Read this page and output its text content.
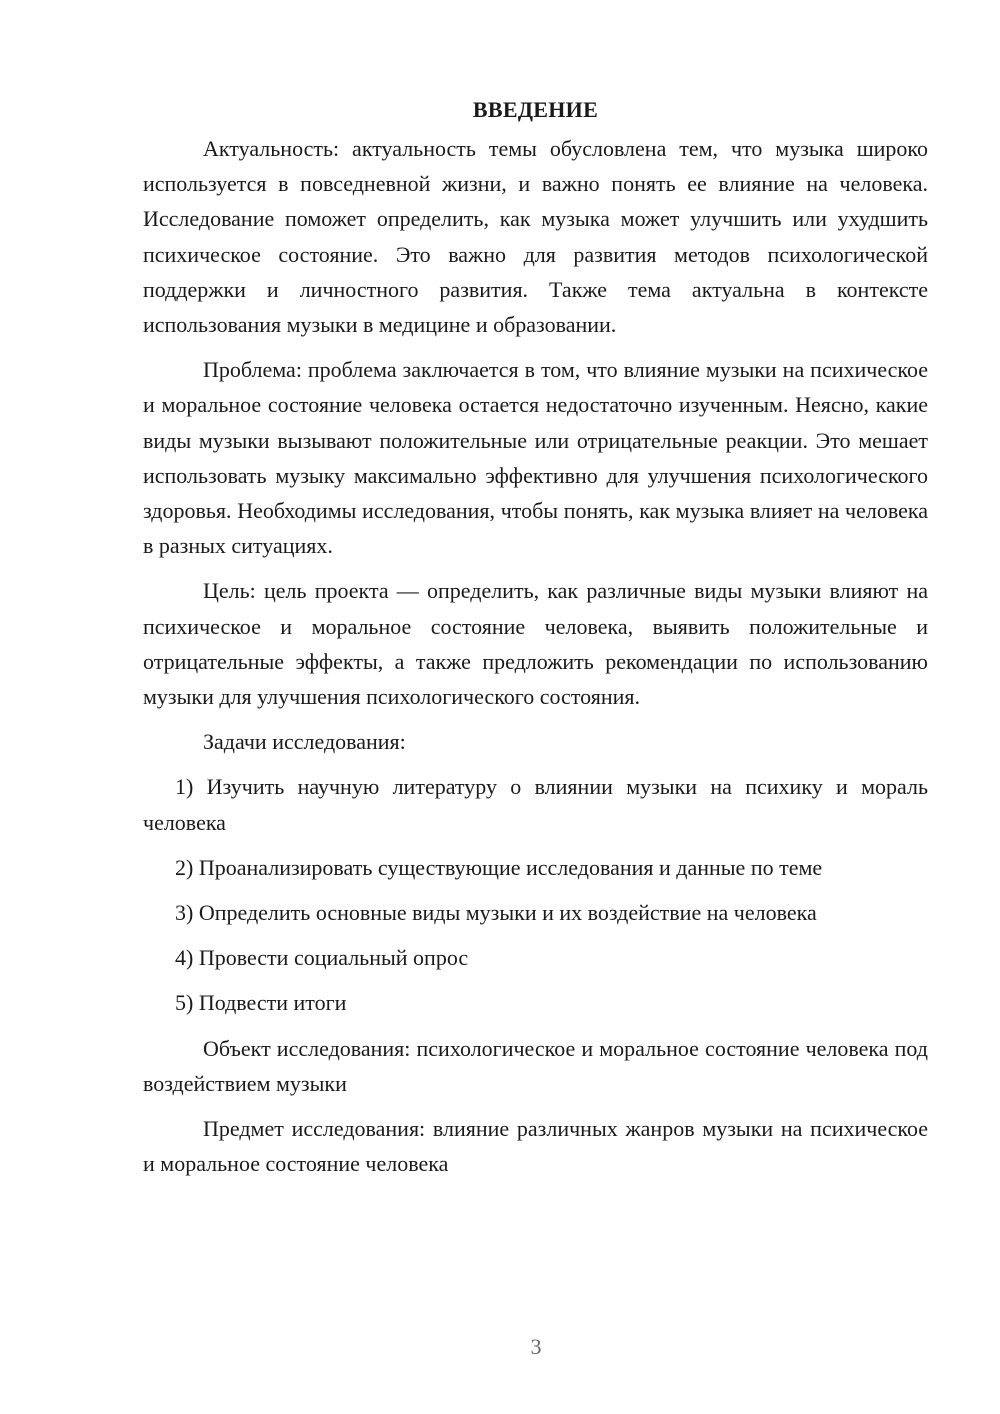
ВВЕДЕНИЕ

Актуальность: актуальность темы обусловлена тем, что музыка широко используется в повседневной жизни, и важно понять ее влияние на человека. Исследование поможет определить, как музыка может улучшить или ухудшить психическое состояние. Это важно для развития методов психологической поддержки и личностного развития. Также тема актуальна в контексте использования музыки в медицине и образовании.

Проблема: проблема заключается в том, что влияние музыки на психическое и моральное состояние человека остается недостаточно изученным. Неясно, какие виды музыки вызывают положительные или отрицательные реакции. Это мешает использовать музыку максимально эффективно для улучшения психологического здоровья. Необходимы исследования, чтобы понять, как музыка влияет на человека в разных ситуациях.

Цель: цель проекта — определить, как различные виды музыки влияют на психическое и моральное состояние человека, выявить положительные и отрицательные эффекты, а также предложить рекомендации по использованию музыки для улучшения психологического состояния.

Задачи исследования:

1) Изучить научную литературу о влиянии музыки на психику и мораль человека

2) Проанализировать существующие исследования и данные по теме

3) Определить основные виды музыки и их воздействие на человека

4) Провести социальный опрос

5) Подвести итоги

Объект исследования: психологическое и моральное состояние человека под воздействием музыки

Предмет исследования: влияние различных жанров музыки на психическое и моральное состояние человека

3
